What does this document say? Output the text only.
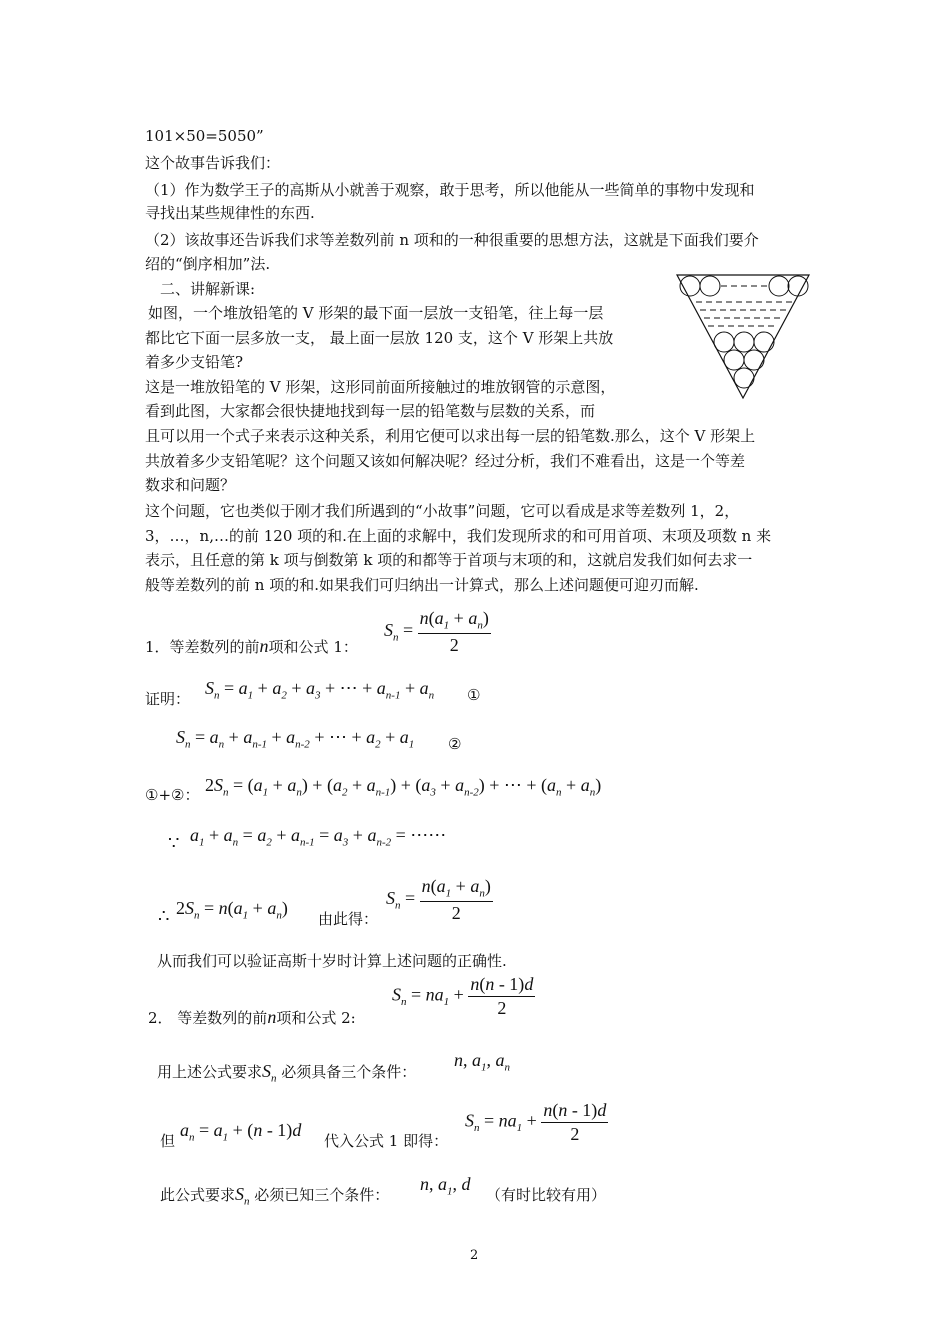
101×50=5050”
这个故事告诉我们：
（1）作为数学王子的高斯从小就善于观察，敢于思考，所以他能从一些简单的事物中发现和
寻找出某些规律性的东西.
（2）该故事还告诉我们求等差数列前 n 项和的一种很重要的思想方法，这就是下面我们要介
绍的“倒序相加”法.
二、讲解新课:
如图，一个堆放铅笔的 V 形架的最下面一层放一支铅笔，往上每一层
都比它下面一层多放一支， 最上面一层放 120 支，这个 V 形架上共放
着多少支铅笔?
这是一堆放铅笔的 V 形架，这形同前面所接触过的堆放钢管的示意图，
看到此图，大家都会很快捷地找到每一层的铅笔数与层数的关系，而
且可以用一个式子来表示这种关系，利用它便可以求出每一层的铅笔数.那么，这个 V 形架上
共放着多少支铅笔呢？这个问题又该如何解决呢？经过分析，我们不难看出，这是一个等差
数求和问题？
这个问题，它也类似于刚才我们所遇到的“小故事”问题，它可以看成是求等差数列 1，2，
3，…，n,…的前 120 项的和.在上面的求解中，我们发现所求的和可用首项、末项及项数 n 来
表示，且任意的第 k 项与倒数第 k 项的和都等于首项与末项的和，这就启发我们如何去求一
般等差数列的前 n 项的和.如果我们可归纳出一计算式，那么上述问题便可迎刃而解.
1．等差数列的前n项和公式 1：
$S_n = \frac{n(a_1 + a_n)}{2}$
证明：
$S_n = a_1 + a_2 + a_3$ + ⋯ + $a_{n-1} + a_n$ ①
$S_n = a_n + a_{n-1} + a_{n-2}$ + ⋯ + $a_2 + a_1$ ②
①+②： $2S_n = (a_1 + a_n) + (a_2 + a_{n-1}) + (a_3 + a_{n-2})$ + ⋯ + $(a_n + a_n)$
∵ $a_1 + a_n = a_2 + a_{n-1} = a_3 + a_{n-2}$ = ⋯⋯
∴ $2S_n = n(a_1 + a_n)$
由此得：
$S_n = \frac{n(a_1 + a_n)}{2}$
从而我们可以验证高斯十岁时计算上述问题的正确性.
2． 等差数列的前n项和公式 2:
$S_n = na_1 + \frac{n(n - 1)d}{2}$
用上述公式要求$S_n$ 必须具备三个条件：
n, $a_1$, $a_n$
但
$a_n = a_1 + (n - 1)d$
代入公式 1 即得：
$S_n = na_1 + \frac{n(n - 1)d}{2}$
此公式要求$S_n$ 必须已知三个条件：
n, $a_1$, d
（有时比较有用）
2
